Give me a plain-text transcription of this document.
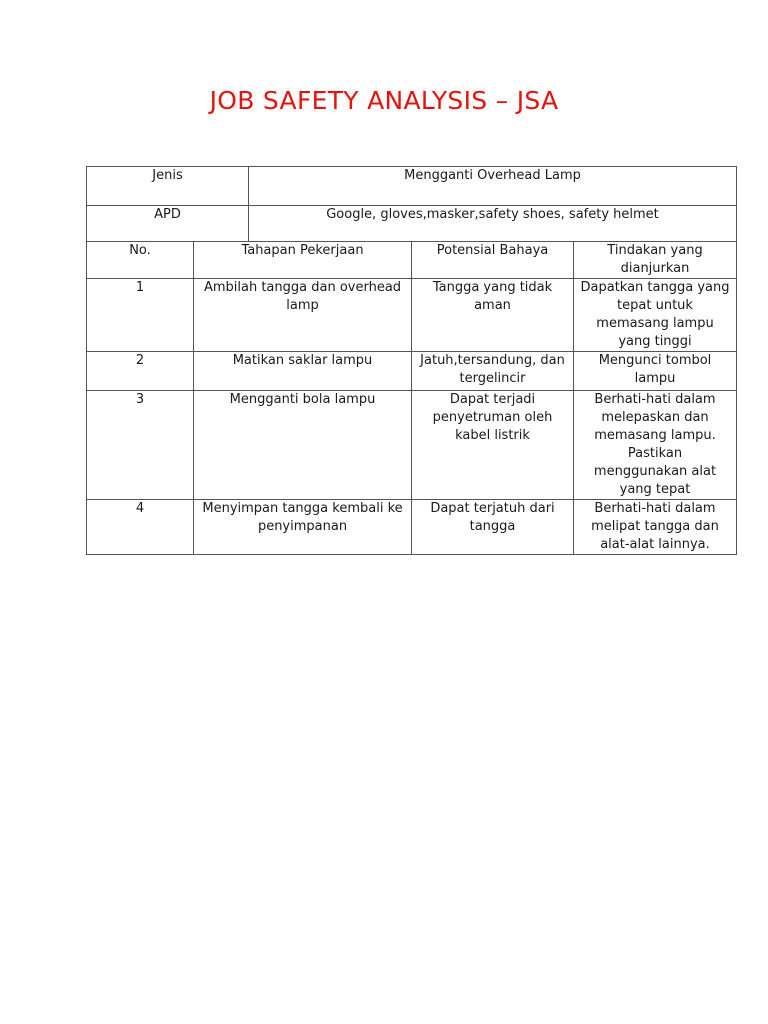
JOB SAFETY ANALYSIS – JSA
Jenis	Mengganti Overhead Lamp
APD	Google, gloves,masker,safety shoes, safety helmet
No.	Tahapan Pekerjaan	Potensial Bahaya	Tindakan yang dianjurkan
1	Ambilah tangga dan overhead lamp	Tangga yang tidak aman	Dapatkan tangga yang tepat untuk memasang lampu yang tinggi
2	Matikan saklar lampu	Jatuh,tersandung, dan tergelincir	Mengunci tombol lampu
3	Mengganti bola lampu	Dapat terjadi penyetruman oleh kabel listrik	Berhati-hati dalam melepaskan dan memasang lampu. Pastikan menggunakan alat yang tepat
4	Menyimpan tangga kembali ke penyimpanan	Dapat terjatuh dari tangga	Berhati-hati dalam melipat tangga dan alat-alat lainnya.
